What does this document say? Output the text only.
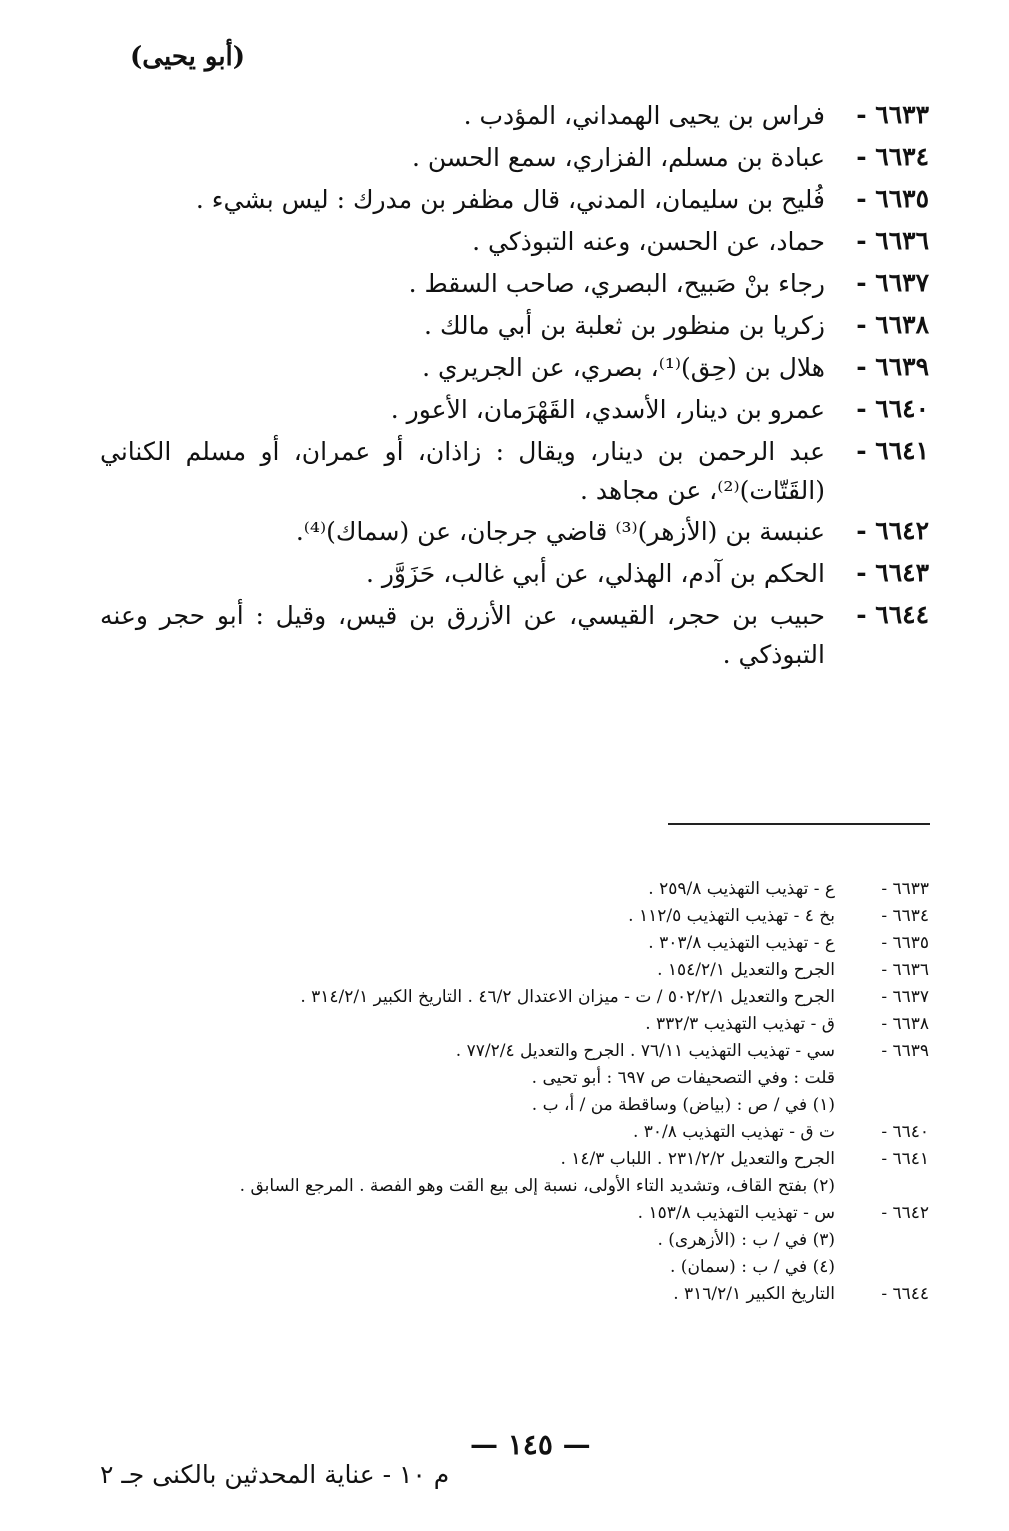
(أبو يحيى)
٦٦٣٣ -
فراس بن يحيى الهمداني، المؤدب .
٦٦٣٤ -
عبادة بن مسلم، الفزاري، سمع الحسن .
٦٦٣٥ -
فُليح بن سليمان، المدني، قال مظفر بن مدرك : ليس بشيء .
٦٦٣٦ -
حماد، عن الحسن، وعنه التبوذكي .
٦٦٣٧ -
رجاء بنْ صَبيح، البصري، صاحب السقط .
٦٦٣٨ -
زكريا بن منظور بن ثعلبة بن أبي مالك .
٦٦٣٩ -
هلال بن (حِق)⁽¹⁾، بصري، عن الجريري .
٦٦٤٠ -
عمرو بن دينار، الأسدي، القَهْرَمان، الأعور .
٦٦٤١ -
عبد الرحمن بن دينار، ويقال : زاذان، أو عمران، أو مسلم الكناني (القَتّات)⁽²⁾، عن مجاهد .
٦٦٤٢ -
عنبسة بن (الأزهر)⁽³⁾ قاضي جرجان، عن (سماك)⁽⁴⁾.
٦٦٤٣ -
الحكم بن آدم، الهذلي، عن أبي غالب، حَزَوَّر .
٦٦٤٤ -
حبيب بن حجر، القيسي، عن الأزرق بن قيس، وقيل : أبو حجر وعنه التبوذكي .
٦٦٣٣ -
ع - تهذيب التهذيب ٢٥٩/٨ .
٦٦٣٤ -
بخ ٤ - تهذيب التهذيب ١١٢/٥ .
٦٦٣٥ -
ع - تهذيب التهذيب ٣٠٣/٨ .
٦٦٣٦ -
الجرح والتعديل ١٥٤/٢/١ .
٦٦٣٧ -
الجرح والتعديل ٥٠٢/٢/١ / ت - ميزان الاعتدال ٤٦/٢ . التاريخ الكبير ٣١٤/٢/١ .
٦٦٣٨ -
ق - تهذيب التهذيب ٣٣٢/٣ .
٦٦٣٩ -
سي - تهذيب التهذيب ٧٦/١١ . الجرح والتعديل ٧٧/٢/٤ .
قلت : وفي التصحيفات ص ٦٩٧ : أبو تحيى .
(١) في / ص : (بياض) وساقطة من / أ، ب .
٦٦٤٠ -
ت ق - تهذيب التهذيب ٣٠/٨ .
٦٦٤١ -
الجرح والتعديل ٢٣١/٢/٢ . اللباب ١٤/٣ .
(٢) بفتح القاف، وتشديد التاء الأولى، نسبة إلى بيع القت وهو الفصة . المرجع السابق .
٦٦٤٢ -
س - تهذيب التهذيب ١٥٣/٨ .
(٣) في / ب : (الأزهرى) .
(٤) في / ب : (سمان) .
٦٦٤٤ -
التاريخ الكبير ٣١٦/٢/١ .
— ١٤٥ —
م ١٠ - عناية المحدثين بالكنى جـ ٢
